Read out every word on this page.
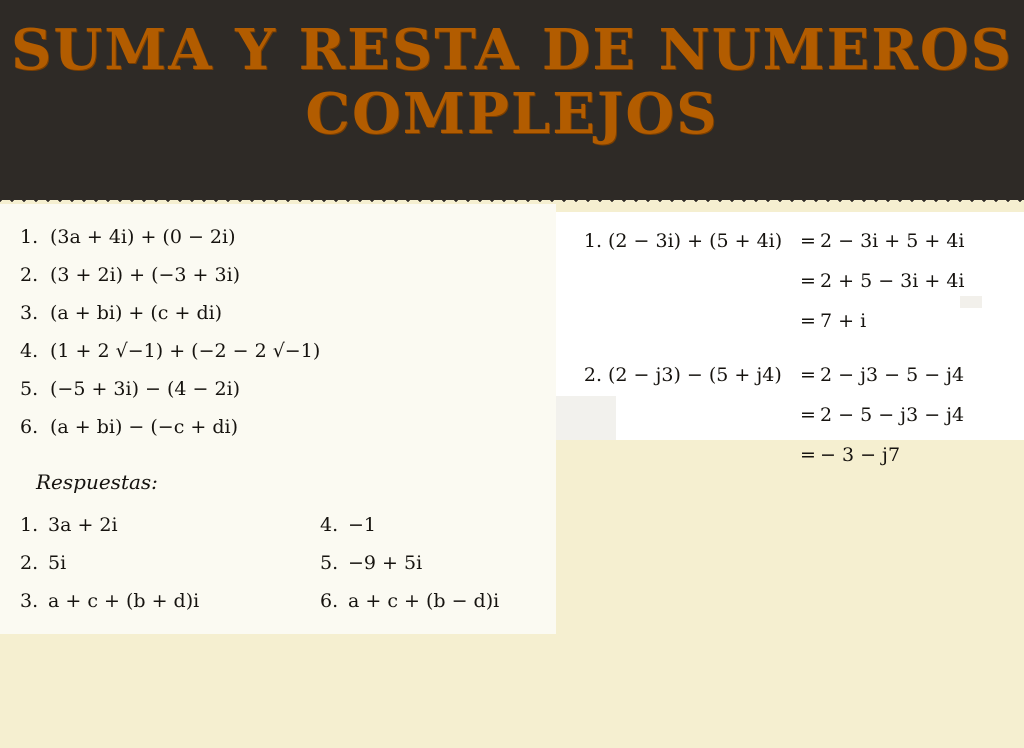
SUMA Y RESTA DE NUMEROS COMPLEJOS
1. (3a + 4i) + (0 − 2i)
2. (3 + 2i) + (−3 + 3i)
3. (a + bi) + (c + di)
4. (1 + 2 √−1) + (−2 − 2 √−1)
5. (−5 + 3i) − (4 − 2i)
6. (a + bi) − (−c + di)
Respuestas:
1. 3a + 2i	4. −1
2. 5i	5. −9 + 5i
3. a + c + (b + d)i	6. a + c + (b − d)i
1. (2 − 3i) + (5 + 4i) = 2 − 3i + 5 + 4i
= 2 + 5 − 3i + 4i
= 7 + i
2. (2 − j3) − (5 + j4) = 2 − j3 − 5 − j4
= 2 − 5 − j3 − j4
= − 3 − j7
